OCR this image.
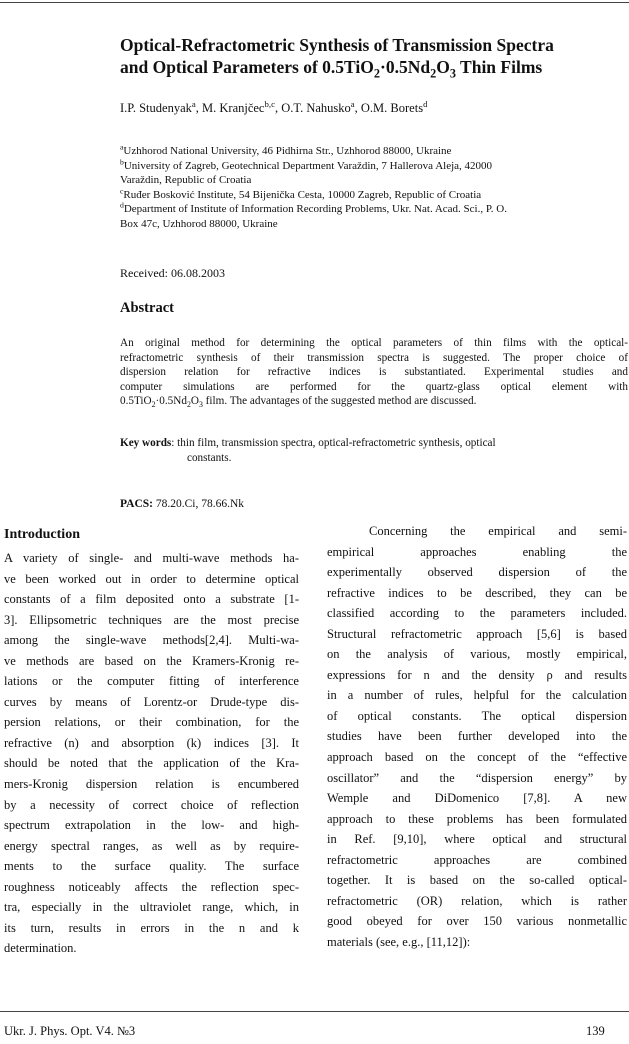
Optical-Refractometric Synthesis of Transmission Spectra
and Optical Parameters of $0.5TiO_2\cdot 0.5Nd_2O_3$ Thin Films
I.P. Studenyak$^a$, M. Kranjčec$^{b,c}$, O.T. Nahusko$^a$, O.M. Borets$^d$
$^a$Uzhhorod National University, 46 Pidhirna Str., Uzhhorod 88000, Ukraine
$^b$University of Zagreb, Geotechnical Department Varaždin, 7 Hallerova Aleja, 42000
Varaždin, Republic of Croatia
$^c$Ruđer Bosković Institute, 54 Bijenička Cesta, 10000 Zagreb, Republic of Croatia
$^d$Department of Institute of Information Recording Problems, Ukr. Nat. Acad. Sci., P. O.
Box 47c, Uzhhorod 88000, Ukraine
Received: 06.08.2003
Abstract
An original method for determining the optical parameters of thin films with the optical-
refractometric synthesis of their transmission spectra is suggested. The proper choice of
dispersion relation for refractive indices is substantiated. Experimental studies and
computer simulations are performed for the quartz-glass optical element with
$0.5TiO_2\cdot 0.5Nd_2O_3$ film. The advantages of the suggested method are discussed.
Key words: thin film, transmission spectra, optical-refractometric synthesis, optical
constants.
PACS: 78.20.Ci, 78.66.Nk
Introduction
A variety of single- and multi-wave methods ha-
ve been worked out in order to determine optical
constants of a film deposited onto a substrate [1-
3]. Ellipsometric techniques are the most precise
among the single-wave methods[2,4]. Multi-wa-
ve methods are based on the Kramers-Kronig re-
lations or the computer fitting of interference
curves by means of Lorentz-or Drude-type dis-
persion relations, or their combination, for the
refractive (n) and absorption (k) indices [3]. It
should be noted that the application of the Kra-
mers-Kronig dispersion relation is encumbered
by a necessity of correct choice of reflection
spectrum extrapolation in the low- and high-
energy spectral ranges, as well as by require-
ments to the surface quality. The surface
roughness noticeably affects the reflection spec-
tra, especially in the ultraviolet range, which, in
its turn, results in errors in the n and k
determination.
Concerning the empirical and semi-
empirical approaches enabling the
experimentally observed dispersion of the
refractive indices to be described, they can be
classified according to the parameters included.
Structural refractometric approach [5,6] is based
on the analysis of various, mostly empirical,
expressions for n and the density ρ and results
in a number of rules, helpful for the calculation
of optical constants. The optical dispersion
studies have been further developed into the
approach based on the concept of the “effective
oscillator” and the “dispersion energy” by
Wemple and DiDomenico [7,8]. A new
approach to these problems has been formulated
in Ref. [9,10], where optical and structural
refractometric approaches are combined
together. It is based on the so-called optical-
refractometric (OR) relation, which is rather
good obeyed for over 150 various nonmetallic
materials (see, e.g., [11,12]):
Ukr. J. Phys. Opt. V4. №3	139
